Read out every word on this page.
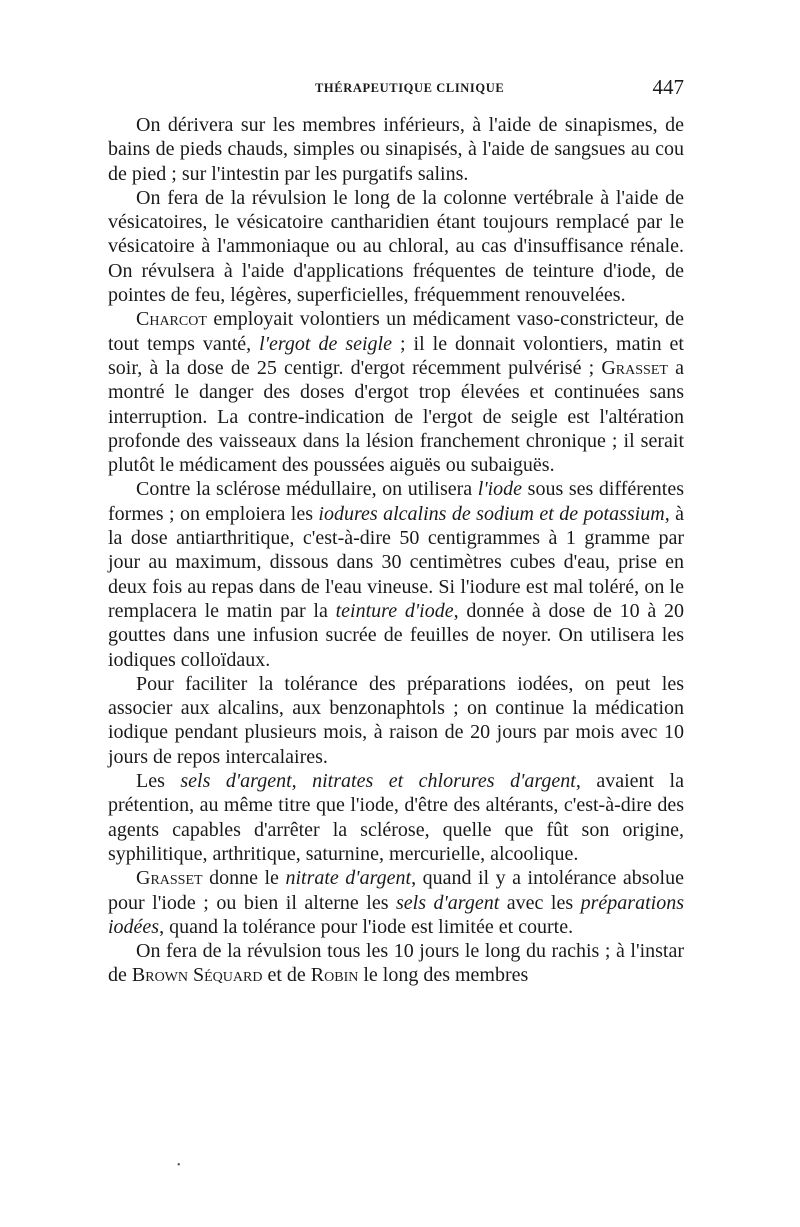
THÉRAPEUTIQUE CLINIQUE	447

On dérivera sur les membres inférieurs, à l'aide de sinapismes, de bains de pieds chauds, simples ou sinapisés, à l'aide de sangsues au cou de pied ; sur l'intestin par les purgatifs salins.

On fera de la révulsion le long de la colonne vertébrale à l'aide de vésicatoires, le vésicatoire cantharidien étant toujours remplacé par le vésicatoire à l'ammoniaque ou au chloral, au cas d'insuffisance rénale. On révulsera à l'aide d'applications fréquentes de teinture d'iode, de pointes de feu, légères, superficielles, fréquemment renouvelées.

Charcot employait volontiers un médicament vaso-constricteur, de tout temps vanté, l'ergot de seigle ; il le donnait volontiers, matin et soir, à la dose de 25 centigr. d'ergot récemment pulvérisé ; Grasset a montré le danger des doses d'ergot trop élevées et continuées sans interruption. La contre-indication de l'ergot de seigle est l'altération profonde des vaisseaux dans la lésion franchement chronique ; il serait plutôt le médicament des poussées aiguës ou subaiguës.

Contre la sclérose médullaire, on utilisera l'iode sous ses différentes formes ; on emploiera les iodures alcalins de sodium et de potassium, à la dose antiarthritique, c'est-à-dire 50 centigrammes à 1 gramme par jour au maximum, dissous dans 30 centimètres cubes d'eau, prise en deux fois au repas dans de l'eau vineuse. Si l'iodure est mal toléré, on le remplacera le matin par la teinture d'iode, donnée à dose de 10 à 20 gouttes dans une infusion sucrée de feuilles de noyer. On utilisera les iodiques colloïdaux.

Pour faciliter la tolérance des préparations iodées, on peut les associer aux alcalins, aux benzonaphtols ; on continue la médication iodique pendant plusieurs mois, à raison de 20 jours par mois avec 10 jours de repos intercalaires.

Les sels d'argent, nitrates et chlorures d'argent, avaient la prétention, au même titre que l'iode, d'être des altérants, c'est-à-dire des agents capables d'arrêter la sclérose, quelle que fût son origine, syphilitique, arthritique, saturnine, mercurielle, alcoolique.

Grasset donne le nitrate d'argent, quand il y a intolérance absolue pour l'iode ; ou bien il alterne les sels d'argent avec les préparations iodées, quand la tolérance pour l'iode est limitée et courte.

On fera de la révulsion tous les 10 jours le long du rachis ; à l'instar de Brown Séquard et de Robin le long des membres

•
